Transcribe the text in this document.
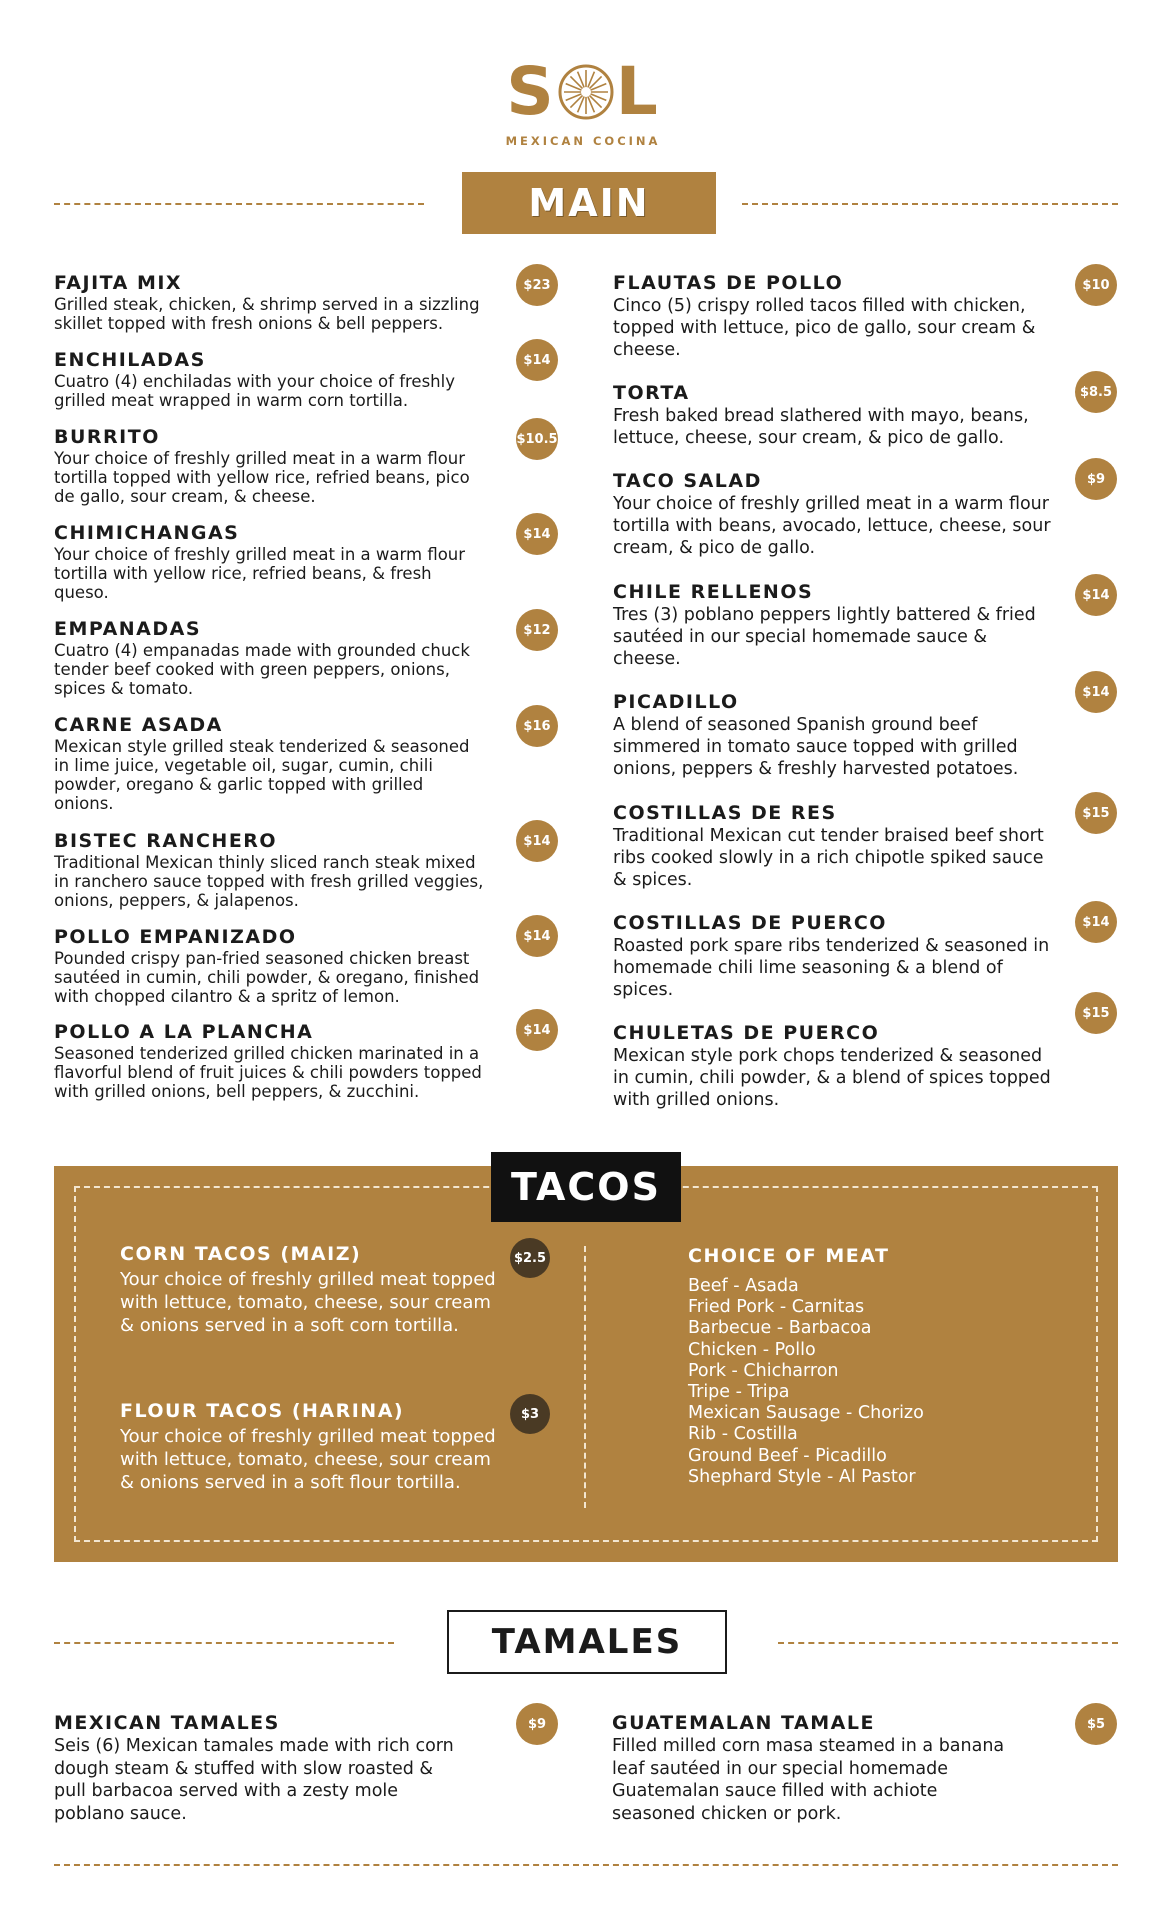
S L
MEXICAN COCINA
MAIN
FAJITA MIX
Grilled steak, chicken, & shrimp served in a sizzling skillet topped with fresh onions & bell peppers.
$23
ENCHILADAS
Cuatro (4) enchiladas with your choice of freshly grilled meat wrapped in warm corn tortilla.
$14
BURRITO
Your choice of freshly grilled meat in a warm flour tortilla topped with yellow rice, refried beans, pico de gallo, sour cream, & cheese.
$10.5
CHIMICHANGAS
Your choice of freshly grilled meat in a warm flour tortilla with yellow rice, refried beans, & fresh queso.
$14
EMPANADAS
Cuatro (4) empanadas made with grounded chuck tender beef cooked with green peppers, onions, spices & tomato.
$12
CARNE ASADA
Mexican style grilled steak tenderized & seasoned in lime juice, vegetable oil, sugar, cumin, chili powder, oregano & garlic topped with grilled onions.
$16
BISTEC RANCHERO
Traditional Mexican thinly sliced ranch steak mixed in ranchero sauce topped with fresh grilled veggies, onions, peppers, & jalapenos.
$14
POLLO EMPANIZADO
Pounded crispy pan-fried seasoned chicken breast sautéed in cumin, chili powder, & oregano, finished with chopped cilantro & a spritz of lemon.
$14
POLLO A LA PLANCHA
Seasoned tenderized grilled chicken marinated in a flavorful blend of fruit juices & chili powders topped with grilled onions, bell peppers, & zucchini.
$14
FLAUTAS DE POLLO
Cinco (5) crispy rolled tacos filled with chicken, topped with lettuce, pico de gallo, sour cream & cheese.
$10
TORTA
Fresh baked bread slathered with mayo, beans, lettuce, cheese, sour cream, & pico de gallo.
$8.5
TACO SALAD
Your choice of freshly grilled meat in a warm flour tortilla with beans, avocado, lettuce, cheese, sour cream, & pico de gallo.
$9
CHILE RELLENOS
Tres (3) poblano peppers lightly battered & fried sautéed in our special homemade sauce & cheese.
$14
PICADILLO
A blend of seasoned Spanish ground beef simmered in tomato sauce topped with grilled onions, peppers & freshly harvested potatoes.
$14
COSTILLAS DE RES
Traditional Mexican cut tender braised beef short ribs cooked slowly in a rich chipotle spiked sauce & spices.
$15
COSTILLAS DE PUERCO
Roasted pork spare ribs tenderized & seasoned in homemade chili lime seasoning & a blend of spices.
$14
CHULETAS DE PUERCO
Mexican style pork chops tenderized & seasoned in cumin, chili powder, & a blend of spices topped with grilled onions.
$15
TACOS
CORN TACOS (MAIZ)
Your choice of freshly grilled meat topped with lettuce, tomato, cheese, sour cream & onions served in a soft corn tortilla.
$2.5
FLOUR TACOS (HARINA)
Your choice of freshly grilled meat topped with lettuce, tomato, cheese, sour cream & onions served in a soft flour tortilla.
$3
CHOICE OF MEAT
Beef - Asada
Fried Pork - Carnitas
Barbecue - Barbacoa
Chicken - Pollo
Pork - Chicharron
Tripe - Tripa
Mexican Sausage - Chorizo
Rib - Costilla
Ground Beef - Picadillo
Shephard Style - Al Pastor
TAMALES
MEXICAN TAMALES
Seis (6) Mexican tamales made with rich corn dough steam & stuffed with slow roasted & pull barbacoa served with a zesty mole poblano sauce.
$9	GUATEMALAN TAMALE
Filled milled corn masa steamed in a banana leaf sautéed in our special homemade Guatemalan sauce filled with achiote seasoned chicken or pork.
$5
